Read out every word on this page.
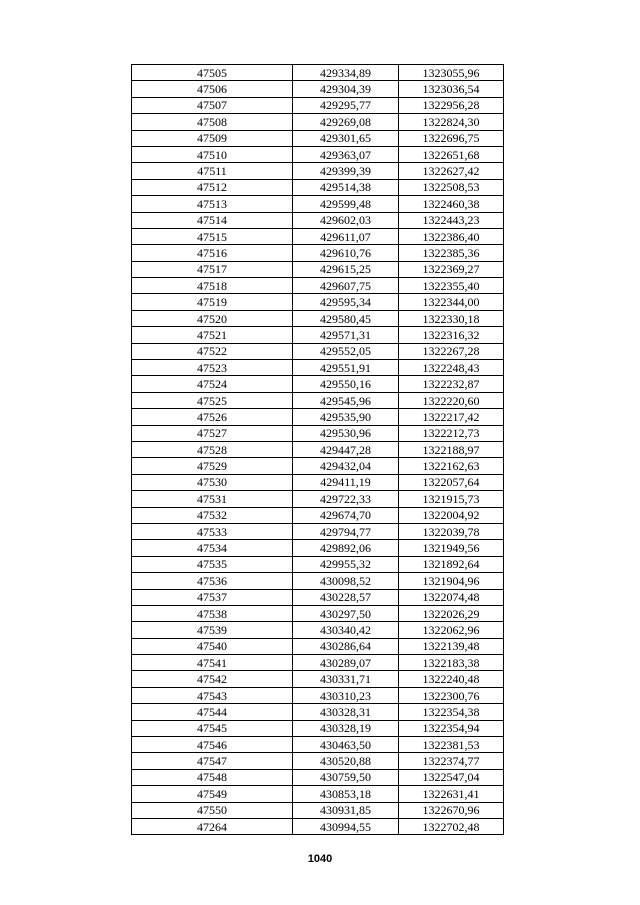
47505	429334,89	1323055,96
47506	429304,39	1323036,54
47507	429295,77	1322956,28
47508	429269,08	1322824,30
47509	429301,65	1322696,75
47510	429363,07	1322651,68
47511	429399,39	1322627,42
47512	429514,38	1322508,53
47513	429599,48	1322460,38
47514	429602,03	1322443,23
47515	429611,07	1322386,40
47516	429610,76	1322385,36
47517	429615,25	1322369,27
47518	429607,75	1322355,40
47519	429595,34	1322344,00
47520	429580,45	1322330,18
47521	429571,31	1322316,32
47522	429552,05	1322267,28
47523	429551,91	1322248,43
47524	429550,16	1322232,87
47525	429545,96	1322220,60
47526	429535,90	1322217,42
47527	429530,96	1322212,73
47528	429447,28	1322188,97
47529	429432,04	1322162,63
47530	429411,19	1322057,64
47531	429722,33	1321915,73
47532	429674,70	1322004,92
47533	429794,77	1322039,78
47534	429892,06	1321949,56
47535	429955,32	1321892,64
47536	430098,52	1321904,96
47537	430228,57	1322074,48
47538	430297,50	1322026,29
47539	430340,42	1322062,96
47540	430286,64	1322139,48
47541	430289,07	1322183,38
47542	430331,71	1322240,48
47543	430310,23	1322300,76
47544	430328,31	1322354,38
47545	430328,19	1322354,94
47546	430463,50	1322381,53
47547	430520,88	1322374,77
47548	430759,50	1322547,04
47549	430853,18	1322631,41
47550	430931,85	1322670,96
47264	430994,55	1322702,48
1040
